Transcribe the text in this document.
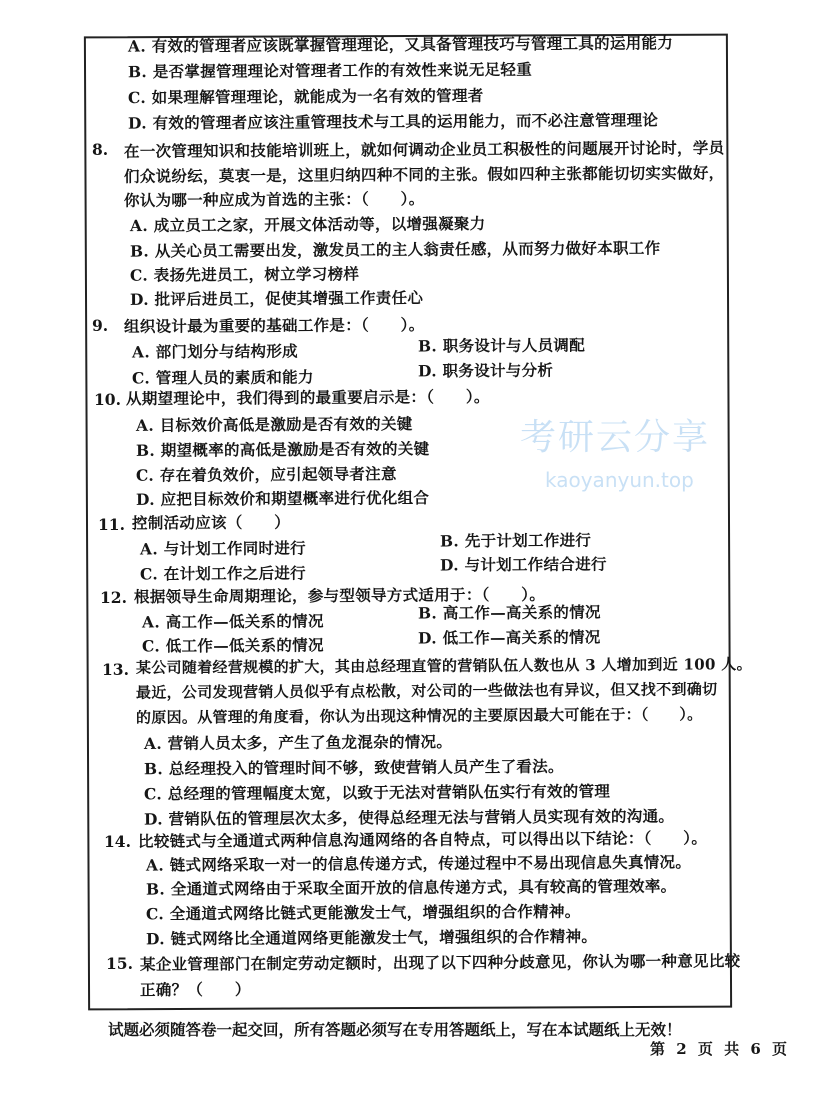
A. 有效的管理者应该既掌握管理理论，又具备管理技巧与管理工具的运用能力
B. 是否掌握管理理论对管理者工作的有效性来说无足轻重
C. 如果理解管理理论，就能成为一名有效的管理者
D. 有效的管理者应该注重管理技术与工具的运用能力，而不必注意管理理论
8. 在一次管理知识和技能培训班上，就如何调动企业员工积极性的问题展开讨论时，学员
们众说纷纭，莫衷一是，这里归纳四种不同的主张。假如四种主张都能切切实实做好，
你认为哪一种应成为首选的主张：（　　）。
A. 成立员工之家，开展文体活动等，以增强凝聚力
B. 从关心员工需要出发，激发员工的主人翁责任感，从而努力做好本职工作
C. 表扬先进员工，树立学习榜样
D. 批评后进员工，促使其增强工作责任心
9. 组织设计最为重要的基础工作是：（　　）。
A. 部门划分与结构形成	B. 职务设计与人员调配
C. 管理人员的素质和能力	D. 职务设计与分析
10. 从期望理论中，我们得到的最重要启示是：（　　）。
A. 目标效价高低是激励是否有效的关键
B. 期望概率的高低是激励是否有效的关键
C. 存在着负效价，应引起领导者注意
D. 应把目标效价和期望概率进行优化组合
11. 控制活动应该（　　）
A. 与计划工作同时进行	B. 先于计划工作进行
C. 在计划工作之后进行	D. 与计划工作结合进行
12. 根据领导生命周期理论，参与型领导方式适用于：（　　）。
A. 高工作—低关系的情况	B. 高工作—高关系的情况
C. 低工作—低关系的情况	D. 低工作—高关系的情况
13. 某公司随着经营规模的扩大，其由总经理直管的营销队伍人数也从 3 人增加到近 100 人。
最近，公司发现营销人员似乎有点松散，对公司的一些做法也有异议，但又找不到确切
的原因。从管理的角度看，你认为出现这种情况的主要原因最大可能在于：（　　）。
A. 营销人员太多，产生了鱼龙混杂的情况。
B. 总经理投入的管理时间不够，致使营销人员产生了看法。
C. 总经理的管理幅度太宽，以致于无法对营销队伍实行有效的管理
D. 营销队伍的管理层次太多，使得总经理无法与营销人员实现有效的沟通。
14. 比较链式与全通道式两种信息沟通网络的各自特点，可以得出以下结论：（　　）。
A. 链式网络采取一对一的信息传递方式，传递过程中不易出现信息失真情况。
B. 全通道式网络由于采取全面开放的信息传递方式，具有较高的管理效率。
C. 全通道式网络比链式更能激发士气，增强组织的合作精神。
D. 链式网络比全通道网络更能激发士气，增强组织的合作精神。
15. 某企业管理部门在制定劳动定额时，出现了以下四种分歧意见，你认为哪一种意见比较
正确？（　　）
试题必须随答卷一起交回，所有答题必须写在专用答题纸上，写在本试题纸上无效！
第 2 页 共 6 页
考研云分享
kaoyanyun.top
